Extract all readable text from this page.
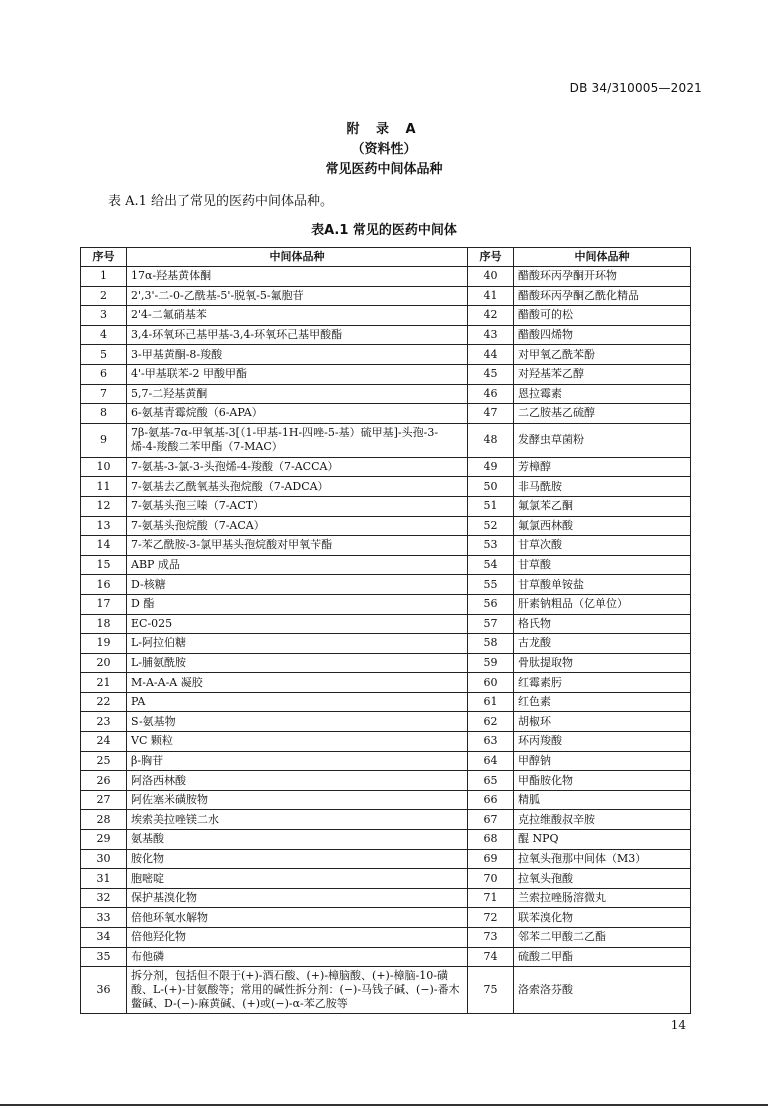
DB 34/310005—2021
附 录 A
（资料性）
常见医药中间体品种
表 A.1 给出了常见的医药中间体品种。
表A.1 常见的医药中间体
序号	中间体品种	序号	中间体品种
1	17α-羟基黄体酮	40	醋酸环丙孕酮开环物
2	2',3'-二-0-乙酰基-5'-脱氧-5-氟胞苷	41	醋酸环丙孕酮乙酰化精品
3	2'4-二氟硝基苯	42	醋酸可的松
4	3,4-环氧环己基甲基-3,4-环氧环己基甲酸酯	43	醋酸四烯物
5	3-甲基黄酮-8-羧酸	44	对甲氧乙酰苯酚
6	4'-甲基联苯-2 甲酸甲酯	45	对羟基苯乙醇
7	5,7-二羟基黄酮	46	恩拉霉素
8	6-氨基青霉烷酸（6-APA）	47	二乙胺基乙硫醇
9	7β-氨基-7α-甲氧基-3[（1-甲基-1H-四唑-5-基）硫甲基]-头孢-3-烯-4-羧酸二苯甲酯（7-MAC）	48	发酵虫草菌粉
10	7-氨基-3-氯-3-头孢烯-4-羧酸（7-ACCA）	49	芳樟醇
11	7-氨基去乙酰氧基头孢烷酸（7-ADCA）	50	非马酰胺
12	7-氨基头孢三嗪（7-ACT）	51	氟氯苯乙酮
13	7-氨基头孢烷酸（7-ACA）	52	氟氯西林酸
14	7-苯乙酰胺-3-氯甲基头孢烷酸对甲氧苄酯	53	甘草次酸
15	ABP 成品	54	甘草酸
16	D-核糖	55	甘草酸单铵盐
17	D 酯	56	肝素钠粗品（亿单位）
18	EC-025	57	格氏物
19	L-阿拉伯糖	58	古龙酸
20	L-脯氨酰胺	59	骨肽提取物
21	M-A-A-A 凝胶	60	红霉素肟
22	PA	61	红色素
23	S-氨基物	62	胡椒环
24	VC 颗粒	63	环丙羧酸
25	β-胸苷	64	甲醇钠
26	阿洛西林酸	65	甲酯胺化物
27	阿佐塞米磺胺物	66	精胍
28	埃索美拉唑镁二水	67	克拉维酸叔辛胺
29	氨基酸	68	醌 NPQ
30	胺化物	69	拉氧头孢那中间体（M3）
31	胞嘧啶	70	拉氧头孢酸
32	保护基溴化物	71	兰索拉唑肠溶微丸
33	倍他环氧水解物	72	联苯溴化物
34	倍他羟化物	73	邻苯二甲酸二乙酯
35	布他磷	74	硫酸二甲酯
36	拆分剂，包括但不限于(+)-酒石酸、(+)-樟脑酸、(+)-樟脑-10-磺酸、L-(+)-甘氨酸等；常用的碱性拆分剂：(−)-马钱子碱、(−)-番木鳖碱、D-(−)-麻黄碱、(+)或(−)-α-苯乙胺等	75	洛索洛芬酸
14
